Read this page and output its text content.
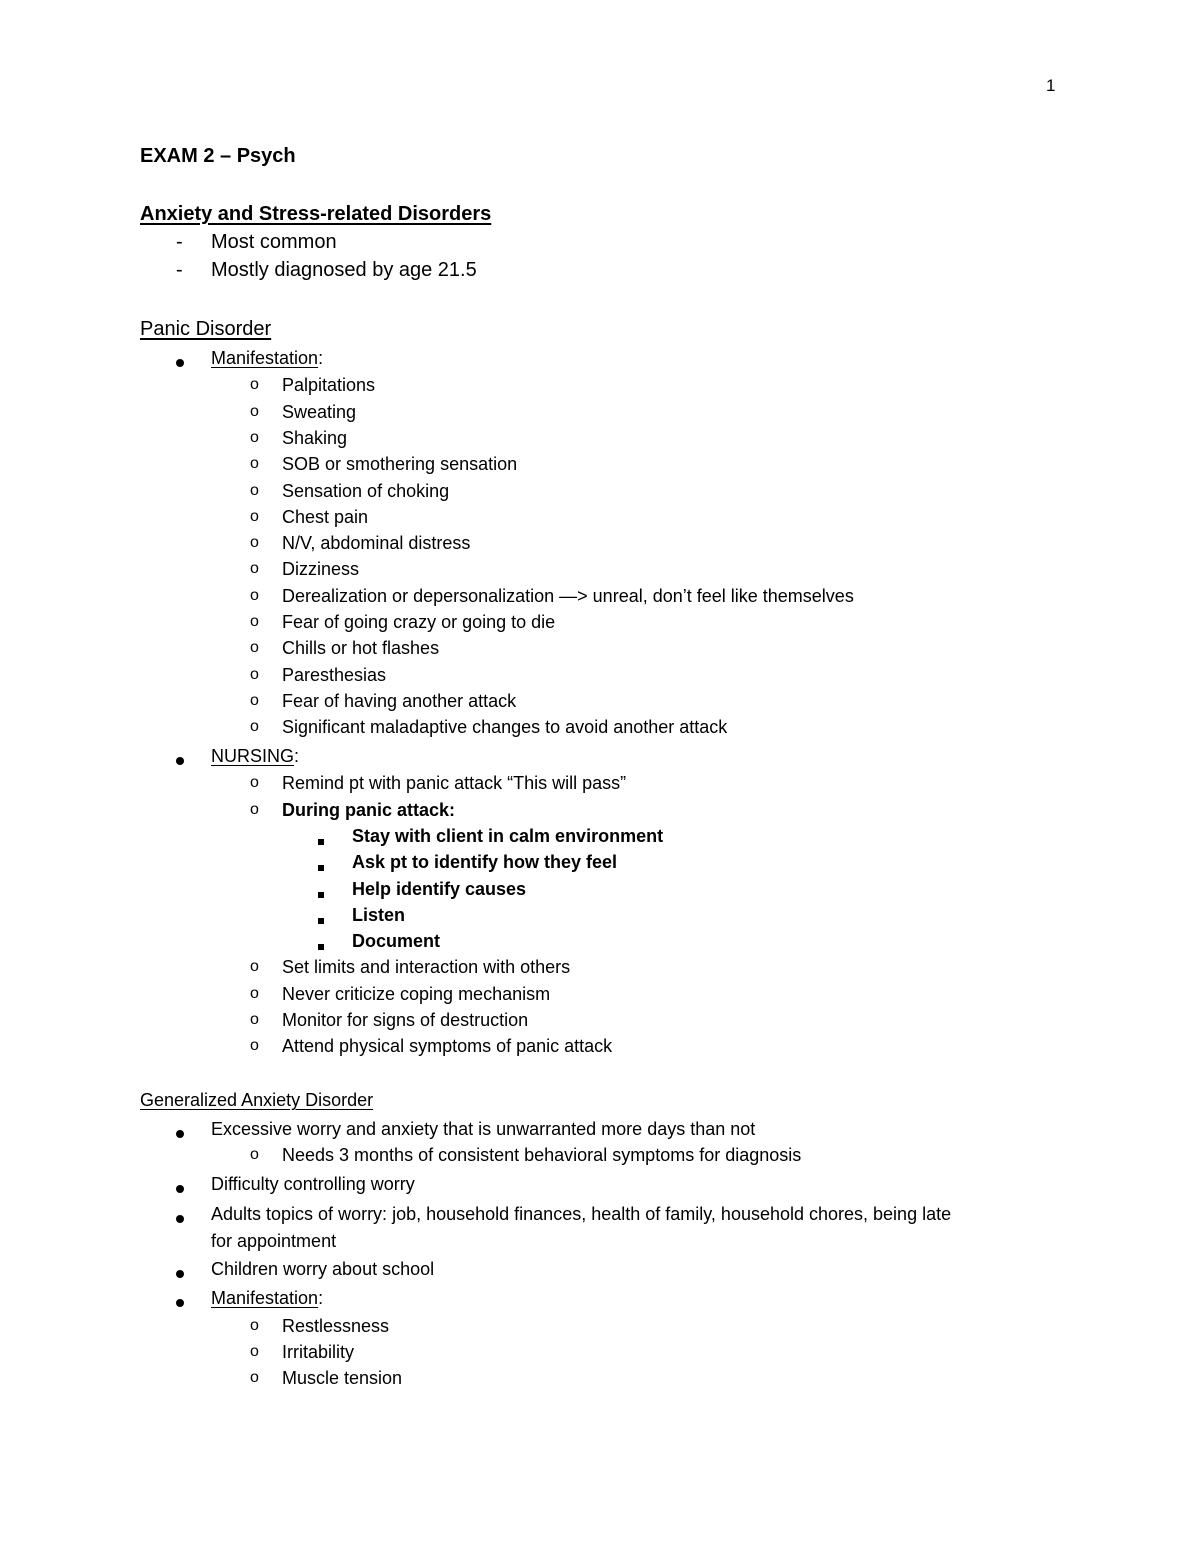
1
EXAM 2 – Psych
Anxiety and Stress-related Disorders
- Most common
- Mostly diagnosed by age 21.5
Panic Disorder
Manifestation:
o Palpitations
o Sweating
o Shaking
o SOB or smothering sensation
o Sensation of choking
o Chest pain
o N/V, abdominal distress
o Dizziness
o Derealization or depersonalization —> unreal, don’t feel like themselves
o Fear of going crazy or going to die
o Chills or hot flashes
o Paresthesias
o Fear of having another attack
o Significant maladaptive changes to avoid another attack
NURSING:
o Remind pt with panic attack “This will pass”
o During panic attack:
Stay with client in calm environment
Ask pt to identify how they feel
Help identify causes
Listen
Document
o Set limits and interaction with others
o Never criticize coping mechanism
o Monitor for signs of destruction
o Attend physical symptoms of panic attack
Generalized Anxiety Disorder
Excessive worry and anxiety that is unwarranted more days than not
o Needs 3 months of consistent behavioral symptoms for diagnosis
Difficulty controlling worry
Adults topics of worry: job, household finances, health of family, household chores, being late
for appointment
Children worry about school
Manifestation:
o Restlessness
o Irritability
o Muscle tension
